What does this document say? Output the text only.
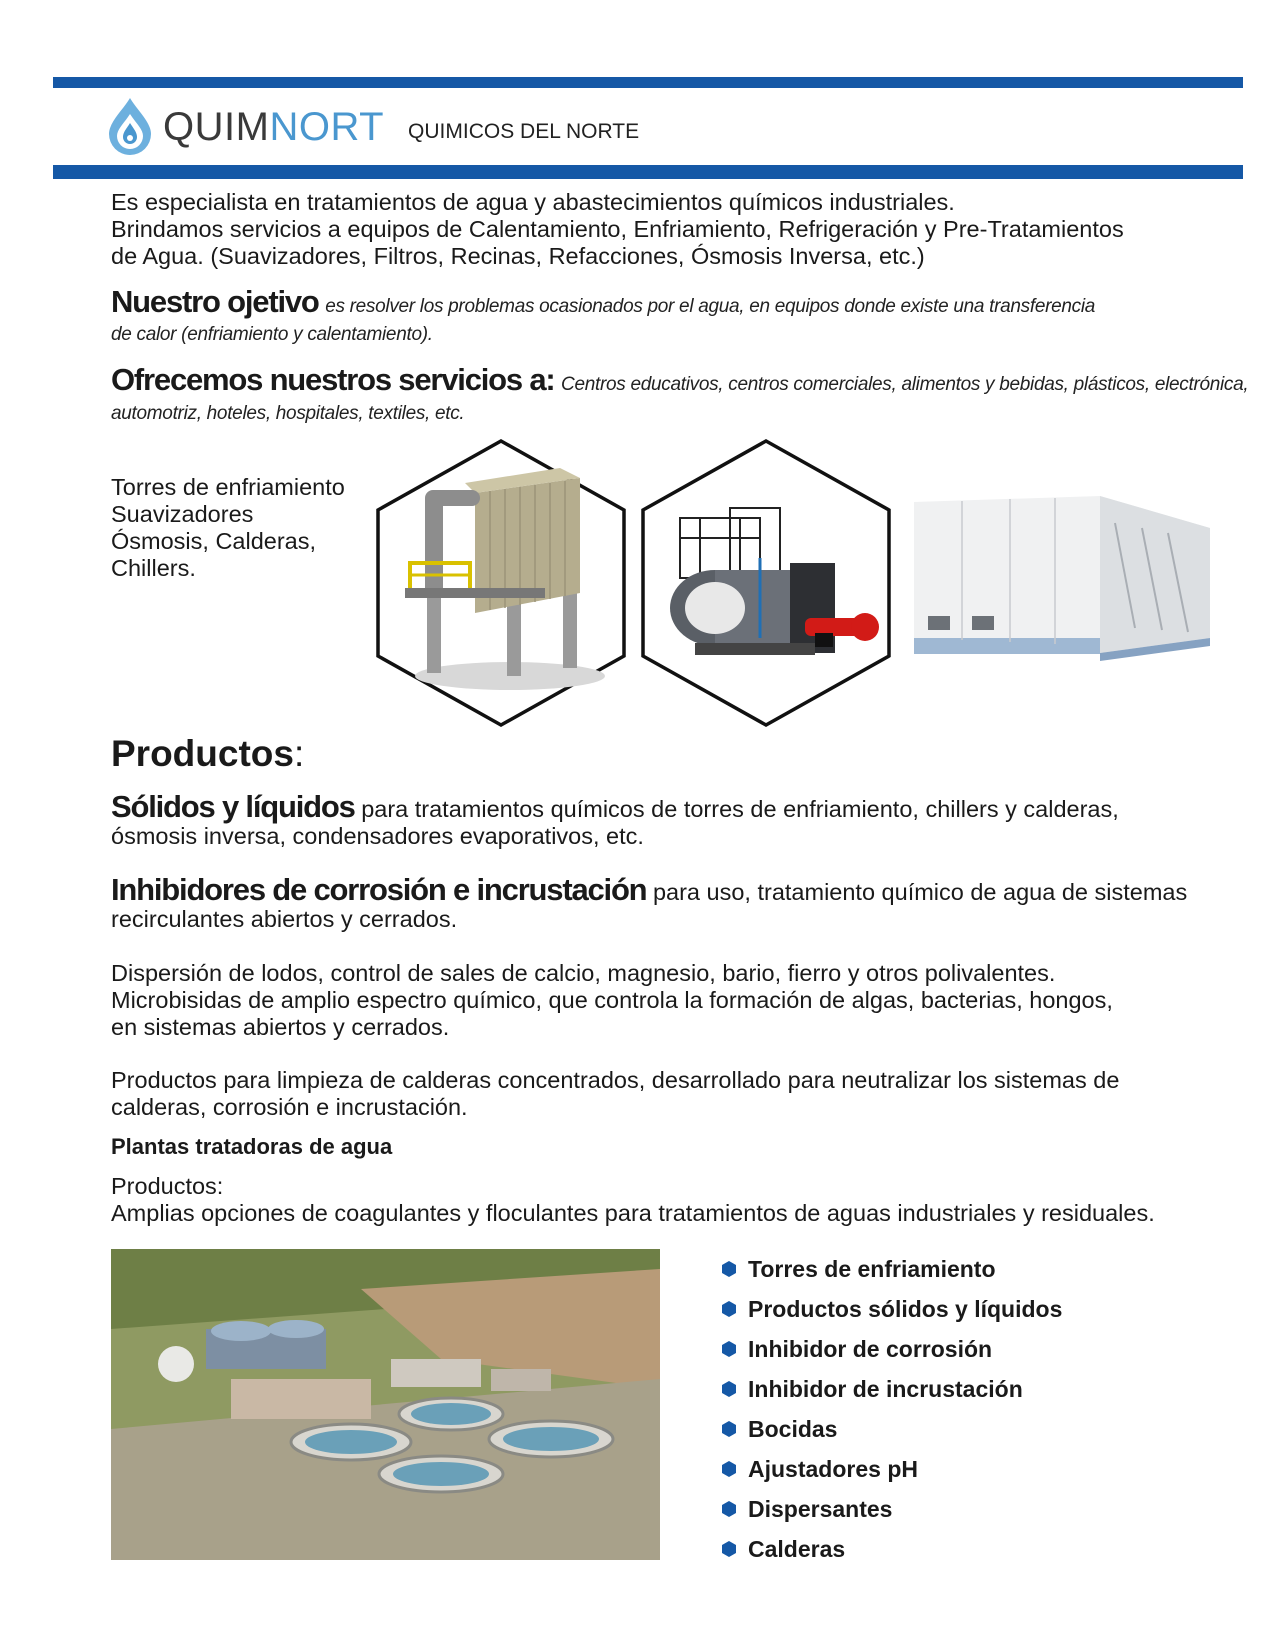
QUIM NORT QUIMICOS DEL NORTE
Es especialista en tratamientos de agua y abastecimientos químicos industriales.
Brindamos servicios a equipos de Calentamiento, Enfriamiento, Refrigeración y Pre-Tratamientos
de Agua. (Suavizadores, Filtros, Recinas, Refacciones, Ósmosis Inversa, etc.)
Nuestro ojetivo es resolver los problemas ocasionados por el agua, en equipos donde existe una transferencia
de calor (enfriamiento y calentamiento).
Ofrecemos nuestros servicios a: Centros educativos, centros comerciales, alimentos y bebidas, plásticos, electrónica,
automotriz, hoteles, hospitales, textiles, etc.
Torres de enfriamiento
Suavizadores
Ósmosis, Calderas,
Chillers.
Productos:
Sólidos y líquidos para tratamientos químicos de torres de enfriamiento, chillers y calderas,
ósmosis inversa, condensadores evaporativos, etc.
Inhibidores de corrosión e incrustación para uso, tratamiento químico de agua de sistemas
recirculantes abiertos y cerrados.
Dispersión de lodos, control de sales de calcio, magnesio, bario, fierro y otros polivalentes.
Microbisidas de amplio espectro químico, que controla la formación de algas, bacterias, hongos,
en sistemas abiertos y cerrados.
Productos para limpieza de calderas concentrados, desarrollado para neutralizar los sistemas de
calderas, corrosión e incrustación.
Plantas tratadoras de agua
Productos:
Amplias opciones de coagulantes y floculantes para tratamientos de aguas industriales y residuales.
Torres de enfriamiento
Productos sólidos y líquidos
Inhibidor de corrosión
Inhibidor de incrustación
Bocidas
Ajustadores pH
Dispersantes
Calderas
